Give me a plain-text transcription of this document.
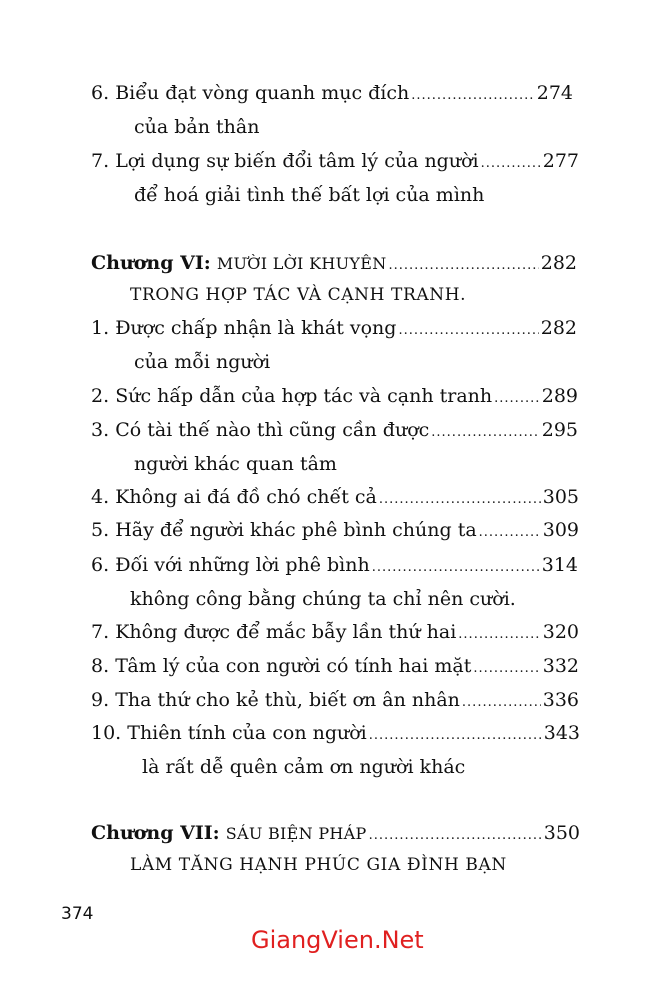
6. Biểu đạt vòng quanh mục đích .....	274
của bản thân
7. Lợi dụng sự biến đổi tâm lý của người .....	277
để hoá giải tình thế bất lợi của mình
Chương VI: MƯỜI LỜI KHUYÊN .....	282
TRONG HỢP TÁC VÀ CẠNH TRANH.
1. Được chấp nhận là khát vọng .....	282
của mỗi người
2. Sức hấp dẫn của hợp tác và cạnh tranh .....	289
3. Có tài thế nào thì cũng cần được .....	295
người khác quan tâm
4. Không ai đá đồ chó chết cả .....	305
5. Hãy để người khác phê bình chúng ta .....	309
6. Đối với những lời phê bình .....	314
không công bằng chúng ta chỉ nên cười.
7. Không được để mắc bẫy lần thứ hai .....	320
8. Tâm lý của con người có tính hai mặt .....	332
9. Tha thứ cho kẻ thù, biết ơn ân nhân .....	336
10. Thiên tính của con người .....	343
là rất dễ quên cảm ơn người khác
Chương VII: SÁU BIỆN PHÁP .....	350
LÀM TĂNG HẠNH PHÚC GIA ĐÌNH BẠN
374
GiangVien.Net
